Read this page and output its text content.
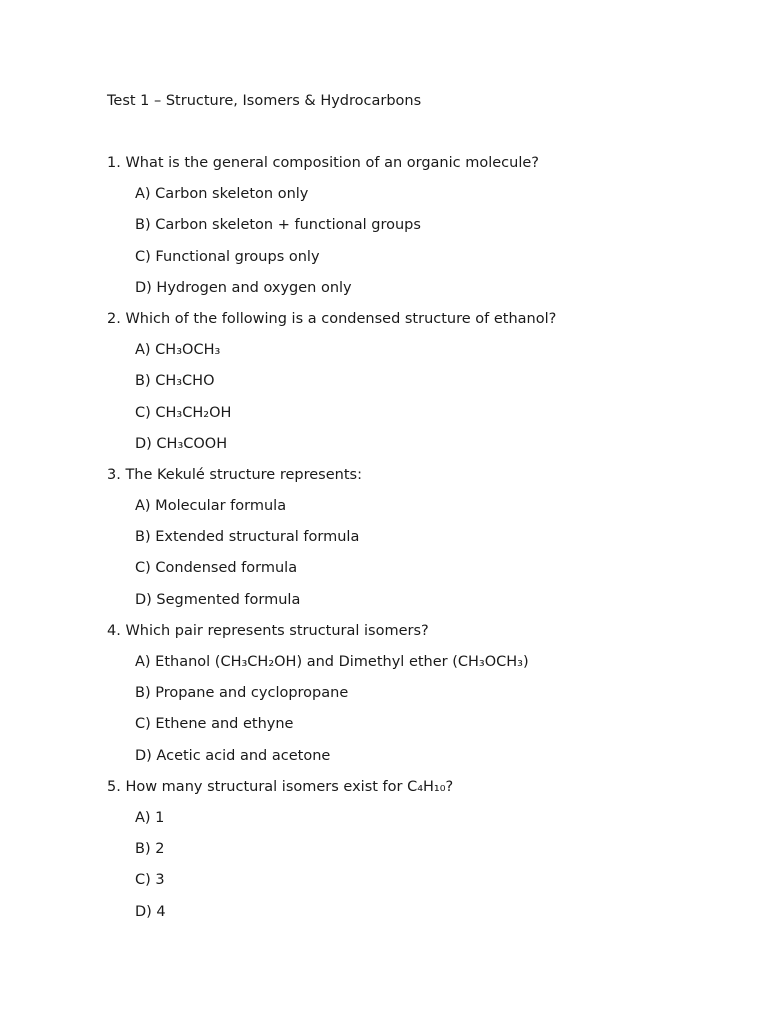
Test 1 – Structure, Isomers & Hydrocarbons
1. What is the general composition of an organic molecule?
A) Carbon skeleton only
B) Carbon skeleton + functional groups
C) Functional groups only
D) Hydrogen and oxygen only
2. Which of the following is a condensed structure of ethanol?
A) CH₃OCH₃
B) CH₃CHO
C) CH₃CH₂OH
D) CH₃COOH
3. The Kekulé structure represents:
A) Molecular formula
B) Extended structural formula
C) Condensed formula
D) Segmented formula
4. Which pair represents structural isomers?
A) Ethanol (CH₃CH₂OH) and Dimethyl ether (CH₃OCH₃)
B) Propane and cyclopropane
C) Ethene and ethyne
D) Acetic acid and acetone
5. How many structural isomers exist for C₄H₁₀?
A) 1
B) 2
C) 3
D) 4
